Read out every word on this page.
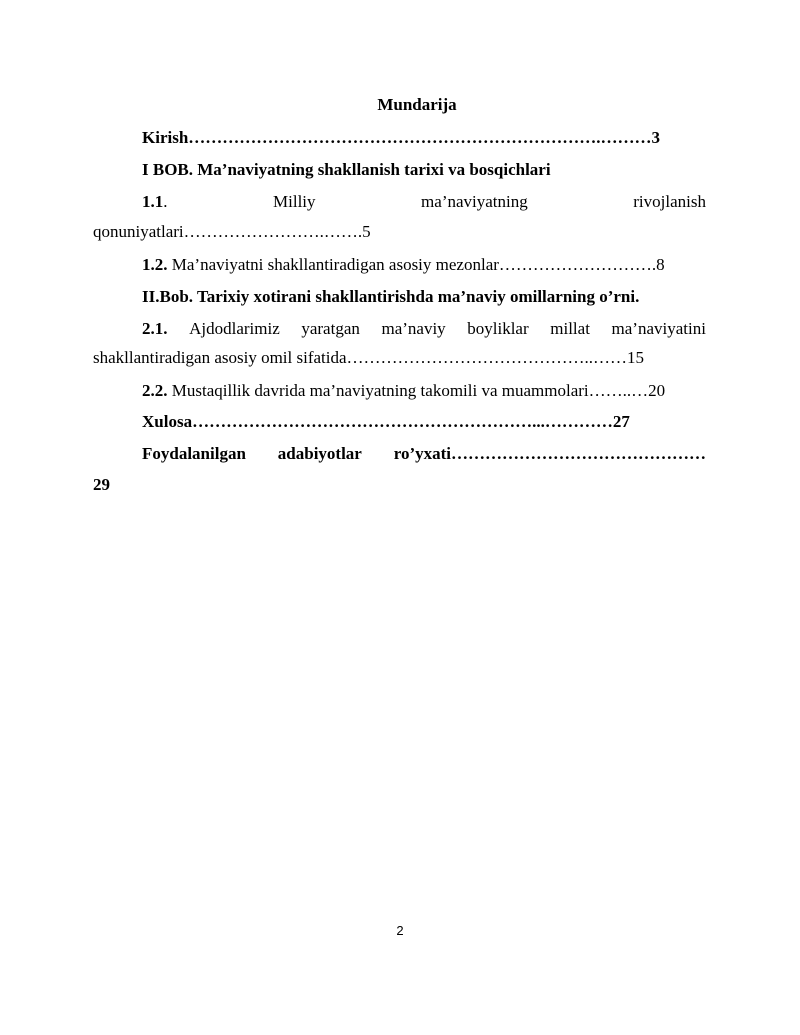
Mundarija
Kirish……………………………………………………………….………3
I BOB. Ma’naviyatning shakllanish tarixi va bosqichlari
1.1.	Milliy	ma’naviyatning	rivojlanish
qonuniyatlari…………………….…….5
1.2. Ma’naviyatni shakllantiradigan asosiy mezonlar……………………….8
II.Bob. Tarixiy xotirani shakllantirishda ma’naviy omillarning o’rni.
2.1. Ajdodlarimiz yaratgan ma’naviy boyliklar millat ma’naviyatini
shakllantiradigan asosiy omil sifatida……………………………………..……15
2.2. Mustaqillik davrida ma’naviyatning takomili va muammolari……..…20
Xulosa……………………………………………………...…………27
Foydalanilgan adabiyotlar ro’yxati………………………………………
29
2
